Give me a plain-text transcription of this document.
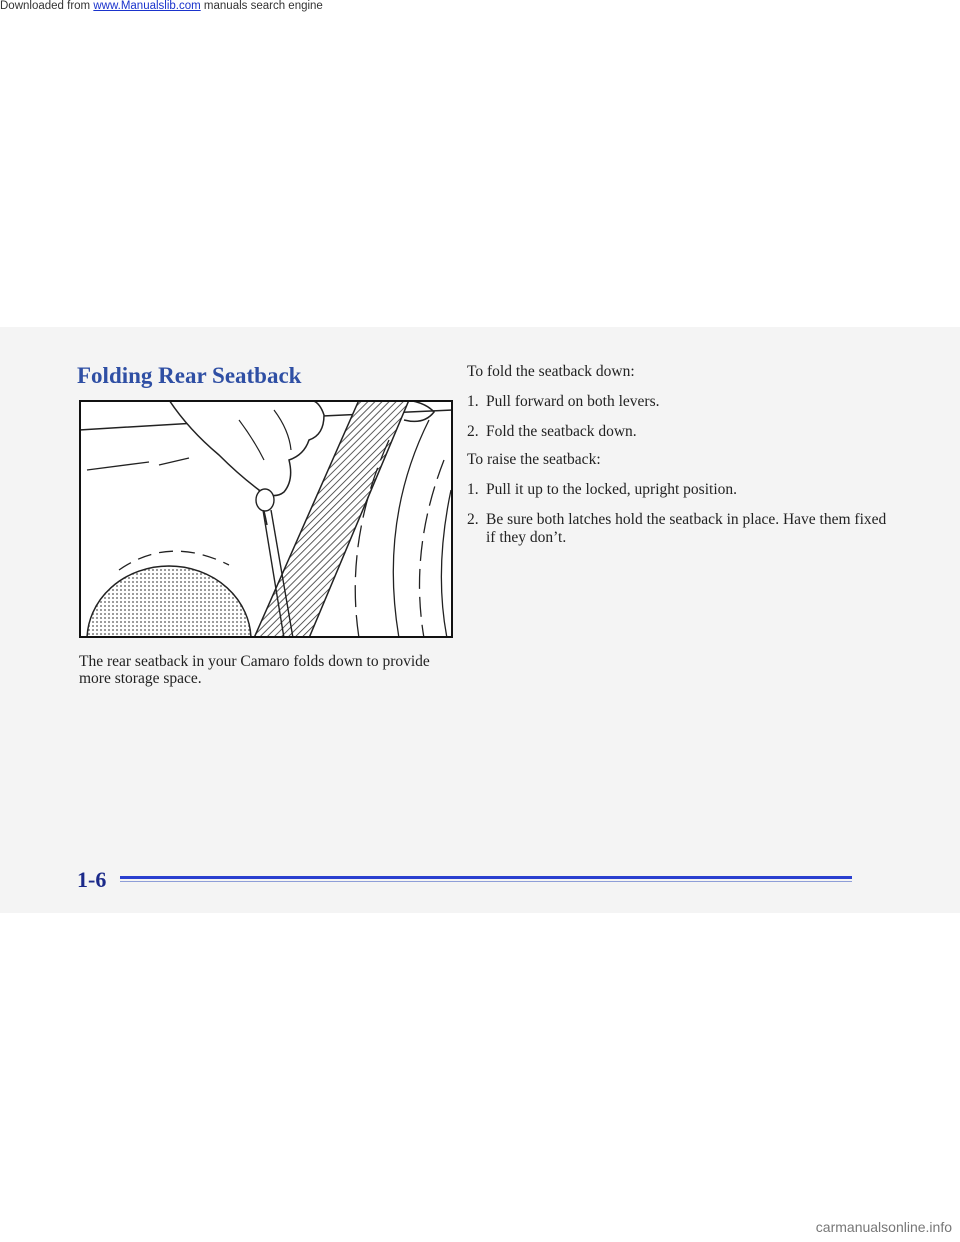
Downloaded from www.Manualslib.com manuals search engine
Folding Rear Seatback

The rear seatback in your Camaro folds down to provide more storage space.

To fold the seatback down:

1. Pull forward on both levers.
2. Fold the seatback down.

To raise the seatback:

1. Pull it up to the locked, upright position.
2. Be sure both latches hold the seatback in place. Have them fixed if they don’t.
1-6
carmanualsonline.info
